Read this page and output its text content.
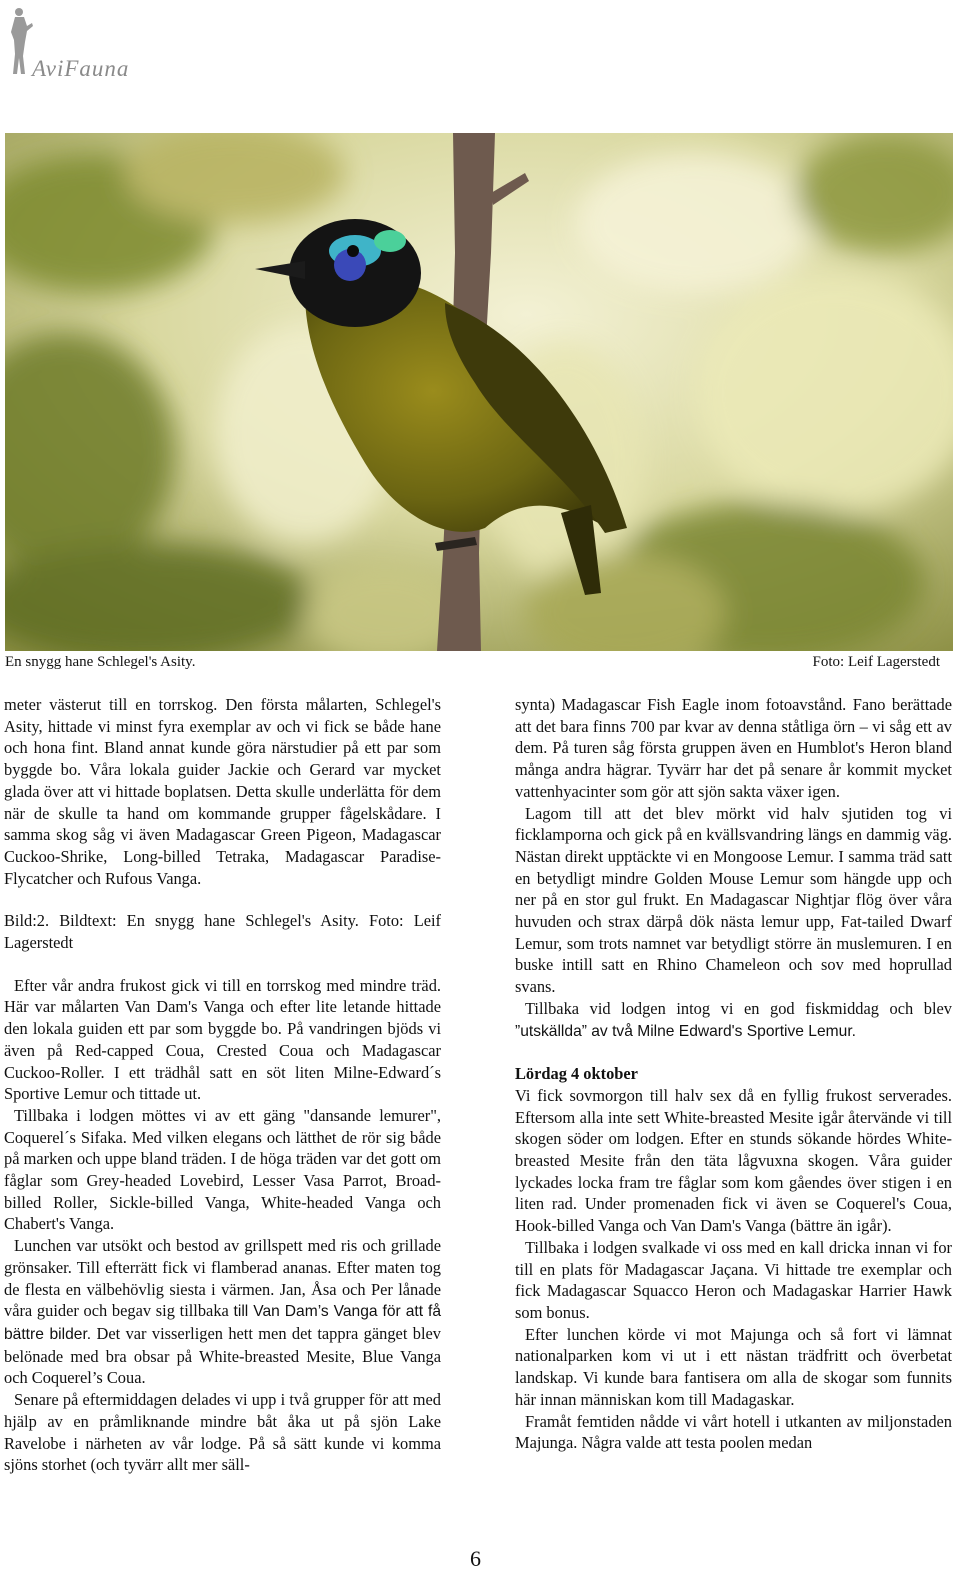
AviFauna
En snygg hane Schlegel's Asity.	Foto: Leif Lagerstedt

meter västerut till en torrskog. Den första målarten, Schlegel's Asity, hittade vi minst fyra exemplar av och vi fick se både hane och hona fint. Bland annat kunde göra närstudier på ett par som byggde bo. Våra lokala guider Jackie och Gerard var mycket glada över att vi hittade boplatsen. Detta skulle underlätta för dem när de skulle ta hand om kommande grupper fågelskådare. I samma skog såg vi även Madagascar Green Pigeon, Madagascar Cuckoo-Shrike, Long-billed Tetraka, Madagascar Paradise-Flycatcher och Rufous Vanga.

Bild:2. Bildtext: En snygg hane Schlegel's Asity. Foto: Leif Lagerstedt

Efter vår andra frukost gick vi till en torrskog med mindre träd. Här var målarten Van Dam's Vanga och efter lite letande hittade den lokala guiden ett par som byggde bo. På vandringen bjöds vi även på Red-capped Coua, Crested Coua och Madagascar Cuckoo-Roller. I ett trädhål satt en söt liten Milne-Edward´s Sportive Lemur och tittade ut.

Tillbaka i lodgen möttes vi av ett gäng "dansande lemurer", Coquerel´s Sifaka. Med vilken elegans och lätthet de rör sig både på marken och uppe bland träden. I de höga träden var det gott om fåglar som Grey-headed Lovebird, Lesser Vasa Parrot, Broad-billed Roller, Sickle-billed Vanga, White-headed Vanga och Chabert's Vanga.

Lunchen var utsökt och bestod av grillspett med ris och grillade grönsaker. Till efterrätt fick vi flamberad ananas. Efter maten tog de flesta en välbehövlig siesta i värmen. Jan, Åsa och Per lånade våra guider och begav sig tillbaka till Van Dam’s Vanga för att få bättre bilder. Det var visserligen hett men det tappra gänget blev belönade med bra obsar på White-breasted Mesite, Blue Vanga och Coquerel’s Coua.

Senare på eftermiddagen delades vi upp i två grupper för att med hjälp av en pråmliknande mindre båt åka ut på sjön Lake Ravelobe i närheten av vår lodge. På så sätt kunde vi komma sjöns storhet (och tyvärr allt mer säll-

synta) Madagascar Fish Eagle inom fotoavstånd. Fano berättade att det bara finns 700 par kvar av denna ståtliga örn – vi såg ett av dem. På turen såg första gruppen även en Humblot's Heron bland många andra hägrar. Tyvärr har det på senare år kommit mycket vattenhyacinter som gör att sjön sakta växer igen.

Lagom till att det blev mörkt vid halv sjutiden tog vi ficklamporna och gick på en kvällsvandring längs en dammig väg. Nästan direkt upptäckte vi en Mongoose Lemur. I samma träd satt en betydligt mindre Golden Mouse Lemur som hängde upp och ner på en stor gul frukt. En Madagascar Nightjar flög över våra huvuden och strax därpå dök nästa lemur upp, Fat-tailed Dwarf Lemur, som trots namnet var betydligt större än muslemuren. I en buske intill satt en Rhino Chameleon och sov med hoprullad svans.

Tillbaka vid lodgen intog vi en god fiskmiddag och blev ”utskällda” av två Milne Edward's Sportive Lemur.

Lördag 4 oktober

Vi fick sovmorgon till halv sex då en fyllig frukost serverades. Eftersom alla inte sett White-breasted Mesite igår återvände vi till skogen söder om lodgen. Efter en stunds sökande hördes White-breasted Mesite från den täta lågvuxna skogen. Våra guider lyckades locka fram tre fåglar som kom gåendes över stigen i en liten rad. Under promenaden fick vi även se Coquerel's Coua, Hook-billed Vanga och Van Dam's Vanga (bättre än igår).

Tillbaka i lodgen svalkade vi oss med en kall dricka innan vi for till en plats för Madagascar Jaçana. Vi hittade tre exemplar och fick Madagascar Squacco Heron och Madagaskar Harrier Hawk som bonus.

Efter lunchen körde vi mot Majunga och så fort vi lämnat nationalparken kom vi ut i ett nästan trädfritt och överbetat landskap. Vi kunde bara fantisera om alla de skogar som funnits här innan människan kom till Madagaskar.

Framåt femtiden nådde vi vårt hotell i utkanten av miljonstaden Majunga. Några valde att testa poolen medan

6
